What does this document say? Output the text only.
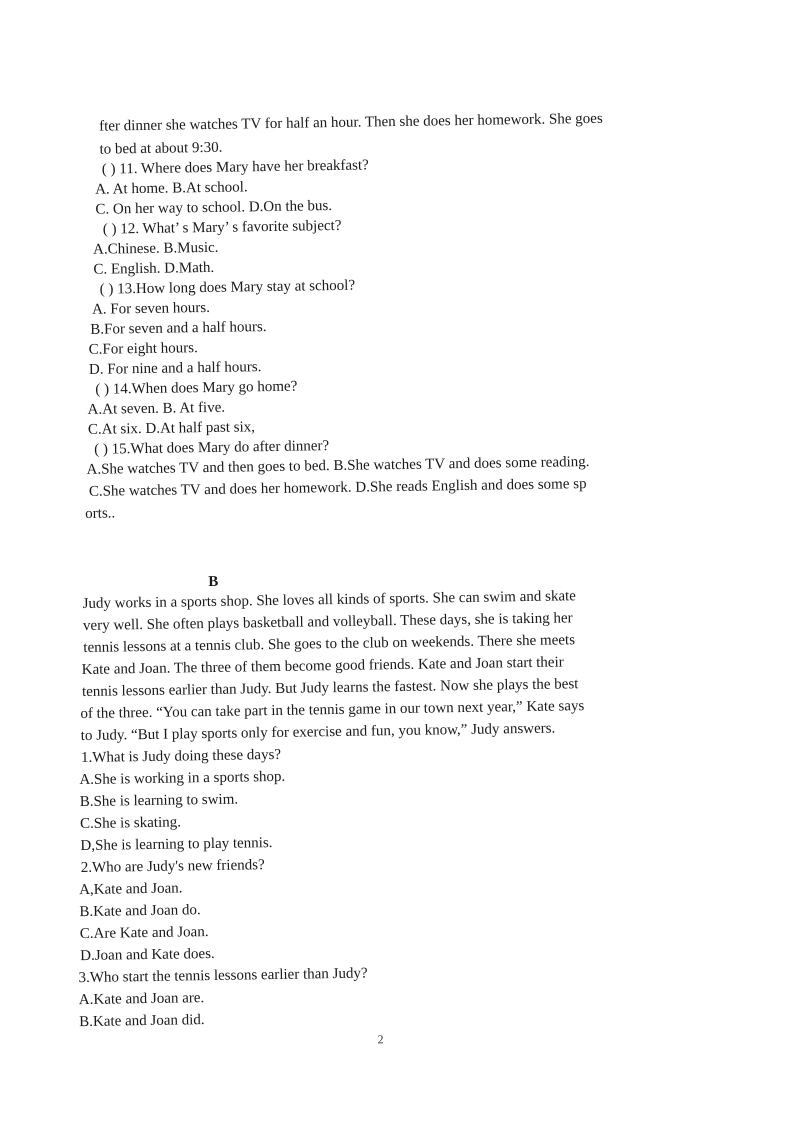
fter dinner she watches TV for half an hour. Then she does her homework. She goes
to bed at about 9:30.
( ) 11. Where does Mary have her breakfast?
A. At home. B.At school.
C. On her way to school. D.On the bus.
( ) 12. What’ s Mary’ s favorite subject?
A.Chinese. B.Music.
C. English. D.Math.
( ) 13.How long does Mary stay at school?
A. For seven hours.
B.For seven and a half hours.
C.For eight hours.
D. For nine and a half hours.
( ) 14.When does Mary go home?
A.At seven. B. At five.
C.At six. D.At half past six,
( ) 15.What does Mary do after dinner?
A.She watches TV and then goes to bed. B.She watches TV and does some reading.
C.She watches TV and does her homework. D.She reads English and does some sp
orts..
B
Judy works in a sports shop. She loves all kinds of sports. She can swim and skate
very well. She often plays basketball and volleyball. These days, she is taking her
tennis lessons at a tennis club. She goes to the club on weekends. There she meets
Kate and Joan. The three of them become good friends. Kate and Joan start their
tennis lessons earlier than Judy. But Judy learns the fastest. Now she plays the best
of the three. “You can take part in the tennis game in our town next year,” Kate says
to Judy. “But I play sports only for exercise and fun, you know,” Judy answers.
1.What is Judy doing these days?
A.She is working in a sports shop.
B.She is learning to swim.
C.She is skating.
D,She is learning to play tennis.
2.Who are Judy's new friends?
A,Kate and Joan.
B.Kate and Joan do.
C.Are Kate and Joan.
D.Joan and Kate does.
3.Who start the tennis lessons earlier than Judy?
A.Kate and Joan are.
B.Kate and Joan did.
2
